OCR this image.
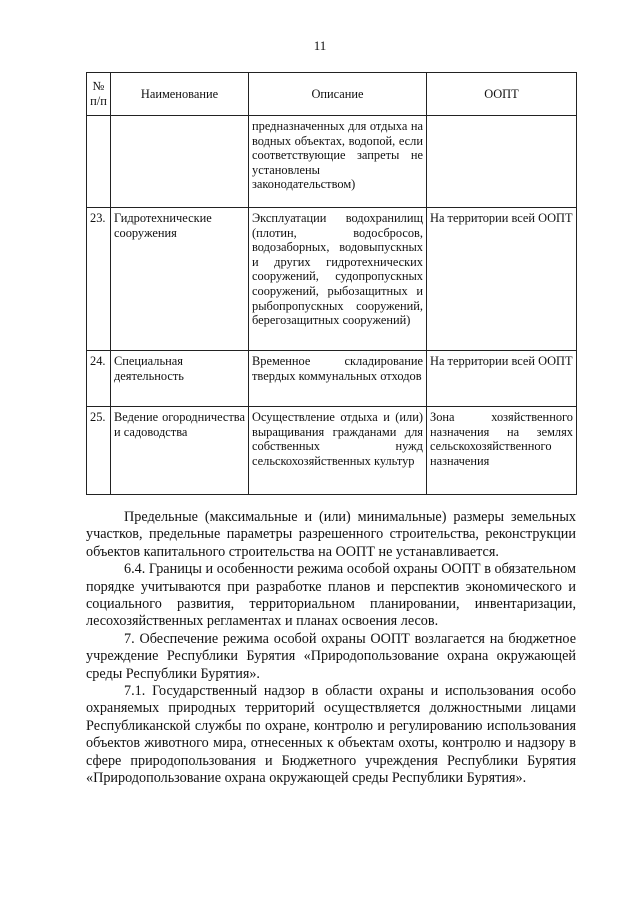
11
№ п/п	Наименование	Описание	ООПТ
		предназначенных для отдыха на водных объектах, водопой, если соответствующие запреты не установлены законодательством)	
23.	Гидротехнические сооружения	Эксплуатации водохранилищ (плотин, водосбросов, водозаборных, водовыпускных и других гидротехнических сооружений, судопропускных сооружений, рыбозащитных и рыбопропускных сооружений, берегозащитных сооружений)	На территории всей ООПТ
24.	Специальная деятельность	Временное складирование твердых коммунальных отходов	На территории всей ООПТ
25.	Ведение огородничества и садоводства	Осуществление отдыха и (или) выращивания гражданами для собственных нужд сельскохозяйственных культур	Зона хозяйственного назначения на землях сельскохозяйственного назначения

Предельные (максимальные и (или) минимальные) размеры земельных участков, предельные параметры разрешенного строительства, реконструкции объектов капитального строительства на ООПТ не устанавливается.

6.4. Границы и особенности режима особой охраны ООПТ в обязательном порядке учитываются при разработке планов и перспектив экономического и социального развития, территориальном планировании, инвентаризации, лесохозяйственных регламентах и планах освоения лесов.

7. Обеспечение режима особой охраны ООПТ возлагается на бюджетное учреждение Республики Бурятия «Природопользование охрана окружающей среды Республики Бурятия».

7.1. Государственный надзор в области охраны и использования особо охраняемых природных территорий осуществляется должностными лицами Республиканской службы по охране, контролю и регулированию использования объектов животного мира, отнесенных к объектам охоты, контролю и надзору в сфере природопользования и Бюджетного учреждения Республики Бурятия «Природопользование охрана окружающей среды Республики Бурятия».
